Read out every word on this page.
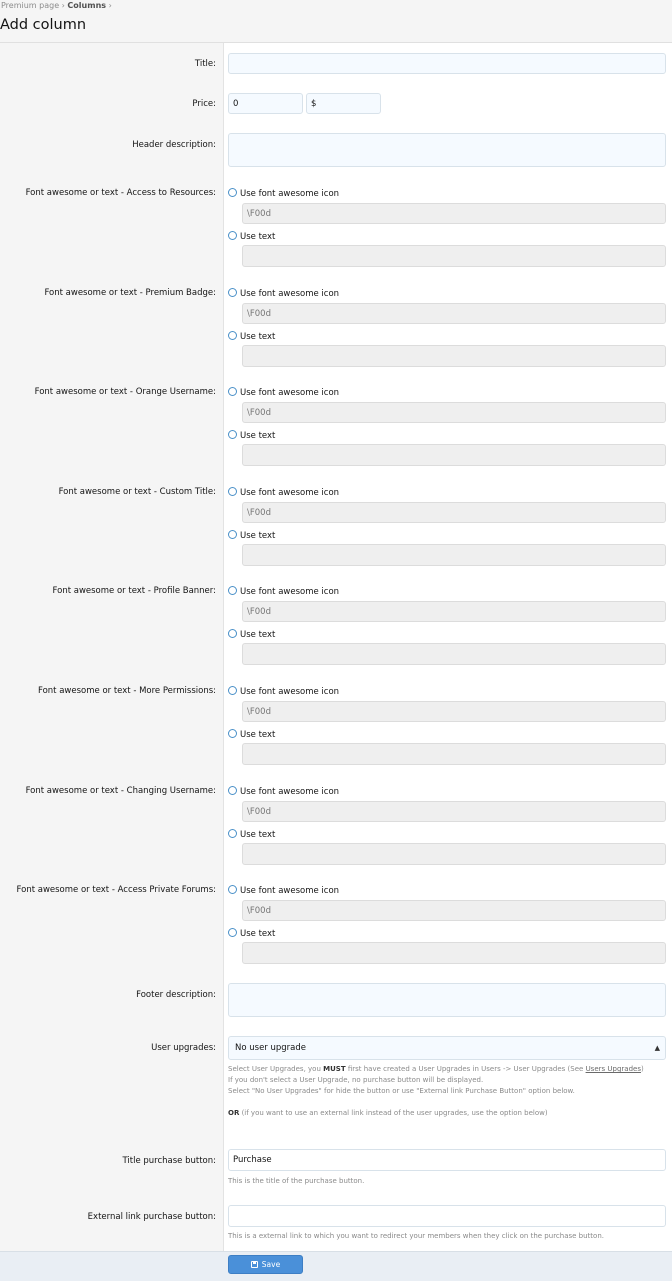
Premium page › Columns ›
Add column
Title:
Price:
0
$
Header description:
Font awesome or text - Access to Resources:	Use font awesome icon
\F00d
Use text
Font awesome or text - Premium Badge:	Use font awesome icon
\F00d
Use text
Font awesome or text - Orange Username:	Use font awesome icon
\F00d
Use text
Font awesome or text - Custom Title:	Use font awesome icon
\F00d
Use text
Font awesome or text - Profile Banner:	Use font awesome icon
\F00d
Use text
Font awesome or text - More Permissions:	Use font awesome icon
\F00d
Use text
Font awesome or text - Changing Username:	Use font awesome icon
\F00d
Use text
Font awesome or text - Access Private Forums:	Use font awesome icon
\F00d
Use text
Footer description:
User upgrades:	No user upgrade	▲

Select User Upgrades, you MUST first have created a User Upgrades in Users -> User Upgrades (See Users Upgrades)
If you don't select a User Upgrade, no purchase button will be displayed.
Select "No User Upgrades" for hide the button or use "External link Purchase Button" option below.
OR (if you want to use an external link instead of the user upgrades, use the option below)
Title purchase button:
Purchase
This is the title of the purchase button.
External link purchase button:
This is a external link to which you want to redirect your members when they click on the purchase button.
Save
